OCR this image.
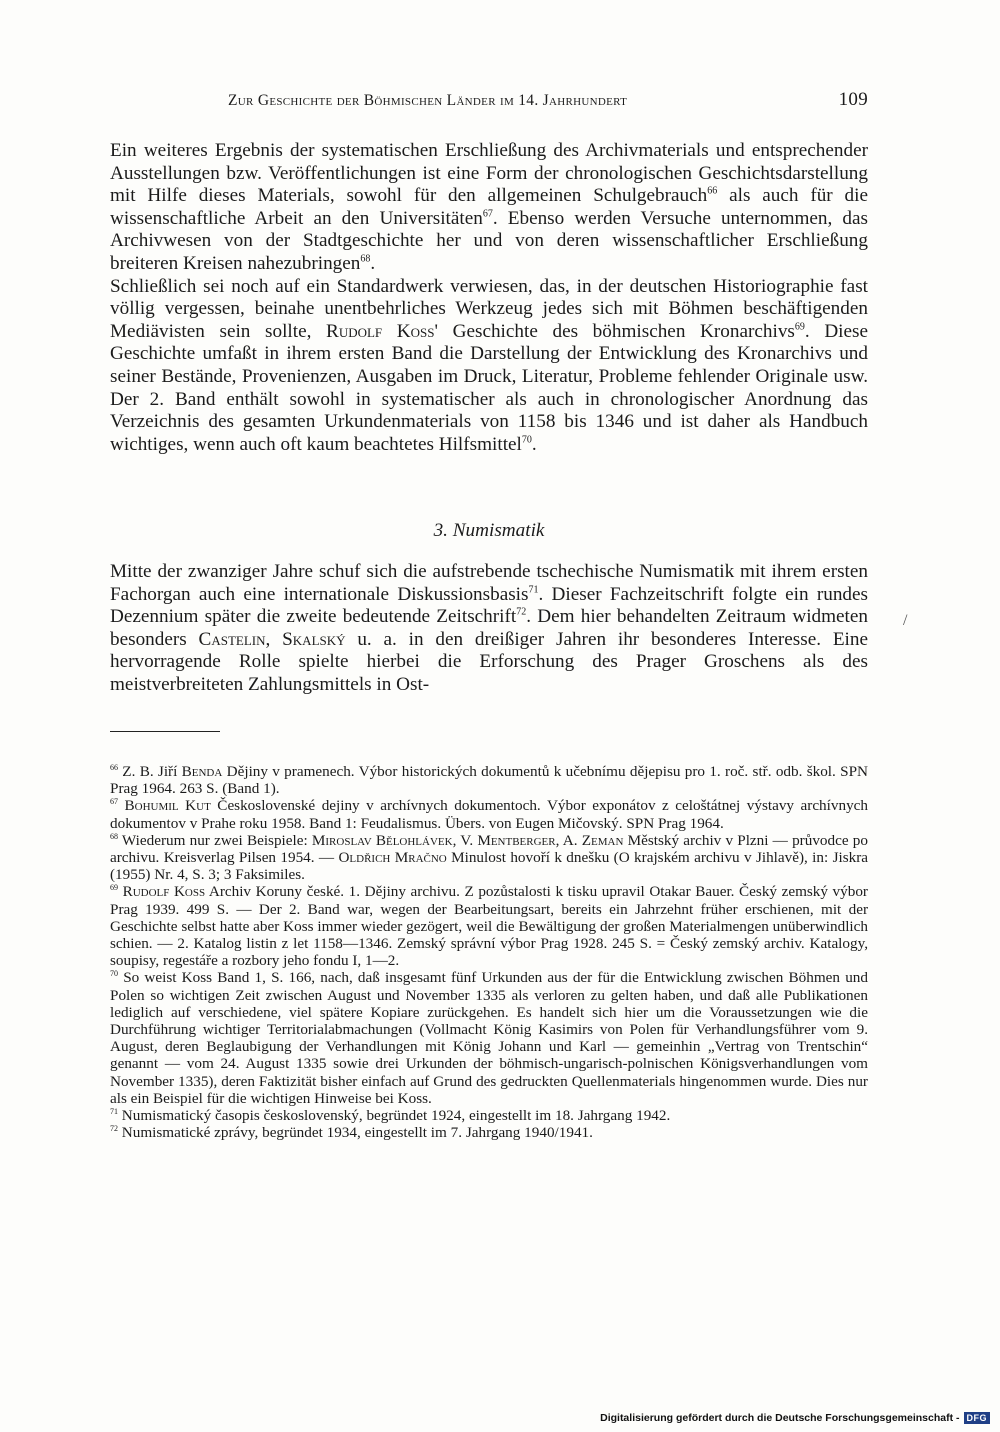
Zur Geschichte der Böhmischen Länder im 14. Jahrhundert	109

Ein weiteres Ergebnis der systematischen Erschließung des Archivmaterials und entsprechender Ausstellungen bzw. Veröffentlichungen ist eine Form der chronologischen Geschichtsdarstellung mit Hilfe dieses Materials, sowohl für den allgemeinen Schulgebrauch$^{66}$ als auch für die wissenschaftliche Arbeit an den Universitäten$^{67}$. Ebenso werden Versuche unternommen, das Archivwesen von der Stadtgeschichte her und von deren wissenschaftlicher Erschließung breiteren Kreisen nahezubringen$^{68}$.

Schließlich sei noch auf ein Standardwerk verwiesen, das, in der deutschen Historiographie fast völlig vergessen, beinahe unentbehrliches Werkzeug jedes sich mit Böhmen beschäftigenden Mediävisten sein sollte, Rudolf Koss' Geschichte des böhmischen Kronarchivs$^{69}$. Diese Geschichte umfaßt in ihrem ersten Band die Darstellung der Entwicklung des Kronarchivs und seiner Bestände, Provenienzen, Ausgaben im Druck, Literatur, Probleme fehlender Originale usw. Der 2. Band enthält sowohl in systematischer als auch in chronologischer Anordnung das Verzeichnis des gesamten Urkundenmaterials von 1158 bis 1346 und ist daher als Handbuch wichtiges, wenn auch oft kaum beachtetes Hilfsmittel$^{70}$.

3. Numismatik

Mitte der zwanziger Jahre schuf sich die aufstrebende tschechische Numismatik mit ihrem ersten Fachorgan auch eine internationale Diskussionsbasis$^{71}$. Dieser Fachzeitschrift folgte ein rundes Dezennium später die zweite bedeutende Zeitschrift$^{72}$. Dem hier behandelten Zeitraum widmeten besonders Castelin, Skalský u. a. in den dreißiger Jahren ihr besonderes Interesse. Eine hervorragende Rolle spielte hierbei die Erforschung des Prager Groschens als des meistverbreiteten Zahlungsmittels in Ost-

/

$^{66}$ Z. B. Jiří Benda Dějiny v pramenech. Výbor historických dokumentů k učebnímu dějepisu pro 1. roč. stř. odb. škol. SPN Prag 1964. 263 S. (Band 1).

$^{67}$ Bohumil Kut Československé dejiny v archívnych dokumentoch. Výbor exponátov z celoštátnej výstavy archívnych dokumentov v Prahe roku 1958. Band 1: Feudalismus. Übers. von Eugen Mičovský. SPN Prag 1964.

$^{68}$ Wiederum nur zwei Beispiele: Miroslav Bělohlávek, V. Mentberger, A. Zeman Městský archiv v Plzni — průvodce po archivu. Kreisverlag Pilsen 1954. — Oldřich Mračno Minulost hovoří k dnešku (O krajském archivu v Jihlavě), in: Jiskra (1955) Nr. 4, S. 3; 3 Faksimiles.

$^{69}$ Rudolf Koss Archiv Koruny české. 1. Dějiny archivu. Z pozůstalosti k tisku upravil Otakar Bauer. Český zemský výbor Prag 1939. 499 S. — Der 2. Band war, wegen der Bearbeitungsart, bereits ein Jahrzehnt früher erschienen, mit der Geschichte selbst hatte aber Koss immer wieder gezögert, weil die Bewältigung der großen Materialmengen unüberwindlich schien. — 2. Katalog listin z let 1158—1346. Zemský správní výbor Prag 1928. 245 S. = Český zemský archiv. Katalogy, soupisy, regestáře a rozbory jeho fondu I, 1—2.

$^{70}$ So weist Koss Band 1, S. 166, nach, daß insgesamt fünf Urkunden aus der für die Entwicklung zwischen Böhmen und Polen so wichtigen Zeit zwischen August und November 1335 als verloren zu gelten haben, und daß alle Publikationen lediglich auf verschiedene, viel spätere Kopiare zurückgehen. Es handelt sich hier um die Voraussetzungen wie die Durchführung wichtiger Territorialabmachungen (Vollmacht König Kasimirs von Polen für Verhandlungsführer vom 9. August, deren Beglaubigung der Verhandlungen mit König Johann und Karl — gemeinhin „Vertrag von Trentschin“ genannt — vom 24. August 1335 sowie drei Urkunden der böhmisch-ungarisch-polnischen Königsverhandlungen vom November 1335), deren Faktizität bisher einfach auf Grund des gedruckten Quellenmaterials hingenommen wurde. Dies nur als ein Beispiel für die wichtigen Hinweise bei Koss.

$^{71}$ Numismatický časopis československý, begründet 1924, eingestellt im 18. Jahrgang 1942.

$^{72}$ Numismatické zprávy, begründet 1934, eingestellt im 7. Jahrgang 1940/1941.

Digitalisierung gefördert durch die Deutsche Forschungsgemeinschaft - DFG
